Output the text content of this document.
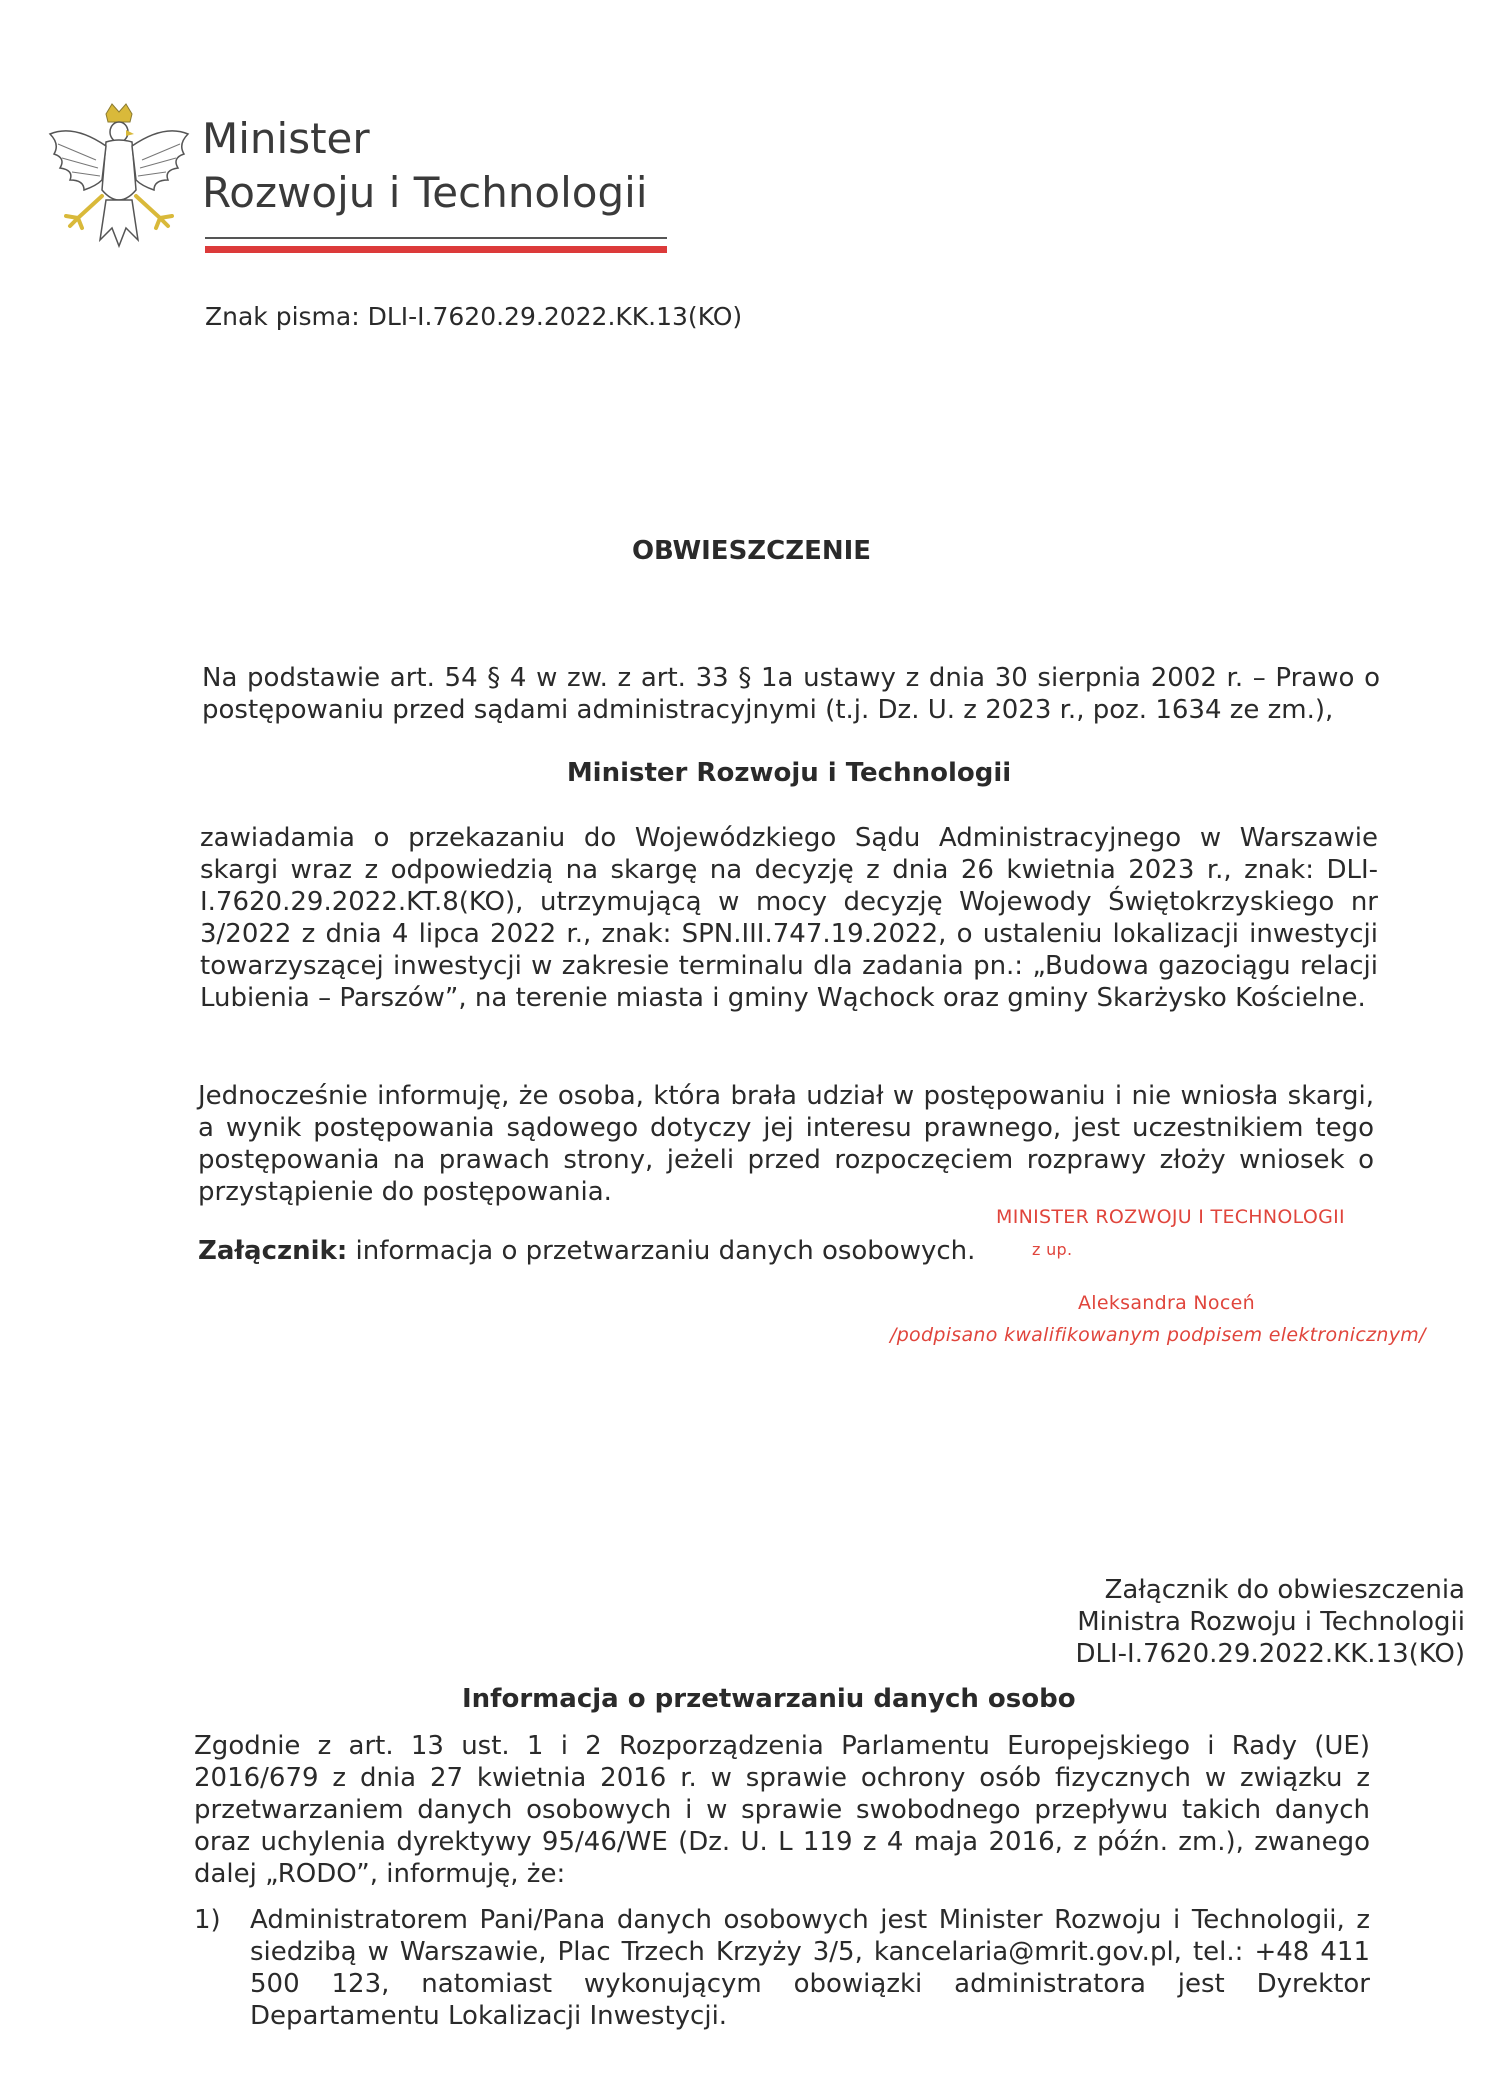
Minister
Rozwoju i Technologii
Znak pisma: DLI-I.7620.29.2022.KK.13(KO)
OBWIESZCZENIE
Na podstawie art. 54 § 4 w zw. z art. 33 § 1a ustawy z dnia 30 sierpnia 2002 r. – Prawo o postępowaniu przed sądami administracyjnymi (t.j. Dz. U. z 2023 r., poz. 1634 ze zm.),
Minister Rozwoju i Technologii
zawiadamia o przekazaniu do Wojewódzkiego Sądu Administracyjnego w Warszawie skargi wraz z odpowiedzią na skargę na decyzję z dnia 26 kwietnia 2023 r., znak: DLI-I.7620.29.2022.KT.8(KO), utrzymującą w mocy decyzję Wojewody Świętokrzyskiego nr 3/2022 z dnia 4 lipca 2022 r., znak: SPN.III.747.19.2022, o ustaleniu lokalizacji inwestycji towarzyszącej inwestycji w zakresie terminalu dla zadania pn.: „Budowa gazociągu relacji Lubienia – Parszów”, na terenie miasta i gminy Wąchock oraz gminy Skarżysko Kościelne.
Jednocześnie informuję, że osoba, która brała udział w postępowaniu i nie wniosła skargi, a wynik postępowania sądowego dotyczy jej interesu prawnego, jest uczestnikiem tego postępowania na prawach strony, jeżeli przed rozpoczęciem rozprawy złoży wniosek o przystąpienie do postępowania.
Załącznik: informacja o przetwarzaniu danych osobowych.
MINISTER ROZWOJU I TECHNOLOGII
z up.
Aleksandra Noceń
/podpisano kwalifikowanym podpisem elektronicznym/
Załącznik do obwieszczenia
Ministra Rozwoju i Technologii
DLI-I.7620.29.2022.KK.13(KO)
Informacja o przetwarzaniu danych osobo
Zgodnie z art. 13 ust. 1 i 2 Rozporządzenia Parlamentu Europejskiego i Rady (UE) 2016/679 z dnia 27 kwietnia 2016 r. w sprawie ochrony osób fizycznych w związku z przetwarzaniem danych osobowych i w sprawie swobodnego przepływu takich danych oraz uchylenia dyrektywy 95/46/WE (Dz. U. L 119 z 4 maja 2016, z późn. zm.), zwanego dalej „RODO”, informuję, że:
1)	Administratorem Pani/Pana danych osobowych jest Minister Rozwoju i Technologii, z siedzibą w Warszawie, Plac Trzech Krzyży 3/5, kancelaria@mrit.gov.pl, tel.: +48 411 500 123, natomiast wykonującym obowiązki administratora jest Dyrektor Departamentu Lokalizacji Inwestycji.
